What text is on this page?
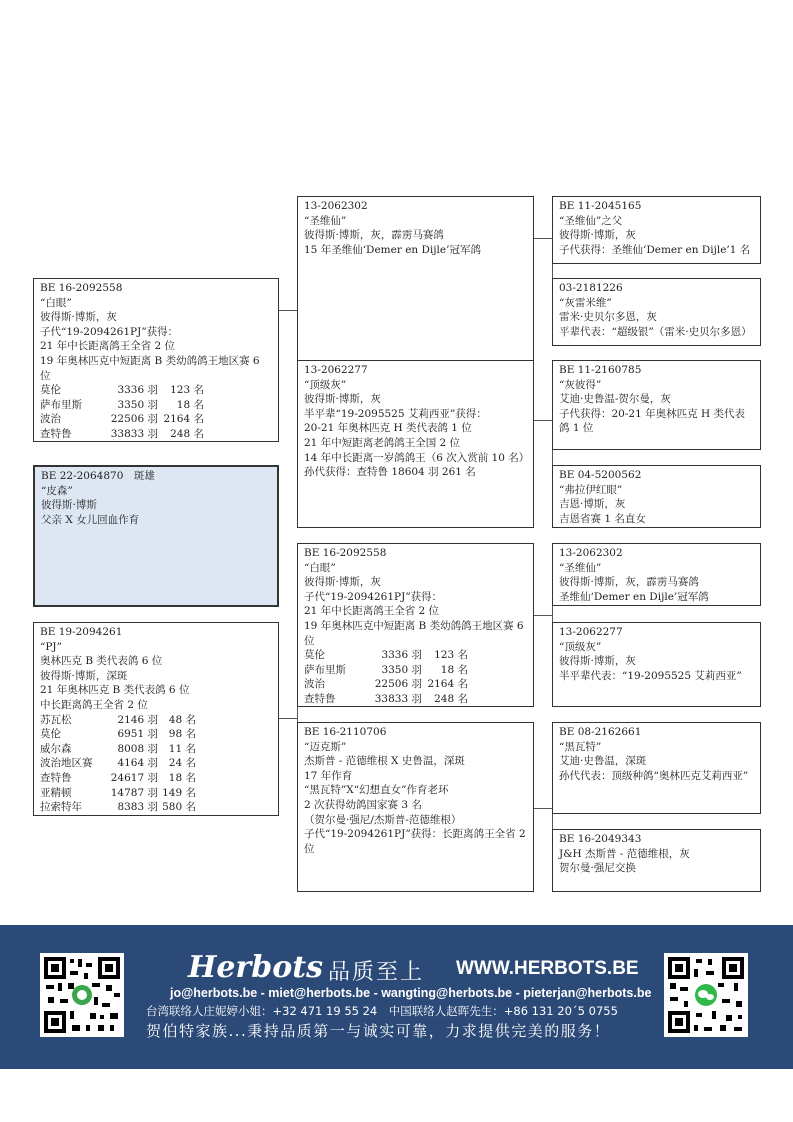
BE 16-2092558
“白眼”
彼得斯·博斯，灰
子代“19-2094261PJ”获得：
21 年中长距离鸽王全省 2 位
19 年奥林匹克中短距离 B 类幼鸽鸽王地区赛 6 位
莫伦	3336 羽	123 名
萨布里斯	3350 羽	18 名
波治	22506 羽 2164 名
查特鲁	33833 羽	248 名
BE 22-2064870　斑雄
“皮森”
彼得斯·博斯
父亲 X 女儿回血作育
BE 19-2094261
“PJ”
奥林匹克 B 类代表鸽 6 位
彼得斯·博斯，深斑
21 年奥林匹克 B 类代表鸽 6 位
中长距离鸽王全省 2 位
苏瓦松	2146 羽	48 名
莫伦	6951 羽	98 名
威尔森	8008 羽	11 名
波治地区赛	4164 羽	24 名
查特鲁	24617 羽	18 名
亚精顿	14787 羽 149 名
拉索特年	8383 羽 580 名
13-2062302
“圣维仙”
彼得斯·博斯，灰，霹雳马赛鸽
15 年圣维仙‘Demer en Dijle’冠军鸽
13-2062277
“顶级灰”
彼得斯·博斯，灰
半平辈“19-2095525 艾莉西亚”获得：
20-21 年奥林匹克 H 类代表鸽 1 位
21 年中短距离老鸽鸽王全国 2 位
14 年中长距离一岁鸽鸽王（6 次入赏前 10 名）
孙代获得：查特鲁 18604 羽 261 名
BE 16-2092558
“白眼”
彼得斯·博斯，灰
子代“19-2094261PJ”获得：
21 年中长距离鸽王全省 2 位
19 年奥林匹克中短距离 B 类幼鸽鸽王地区赛 6 位
莫伦	3336 羽	123 名
萨布里斯	3350 羽	18 名
波治	22506 羽 2164 名
查特鲁	33833 羽	248 名
BE 16-2110706
“迈克斯”
杰斯普 - 范德维根 X 史鲁温，深斑
17 年作育
“黑瓦特”X“幻想直女”作育老环
2 次获得幼鸽国家赛 3 名
（贺尔曼·强尼/杰斯普-范德维根）
子代“19-2094261PJ”获得：长距离鸽王全省 2 位
BE 11-2045165
“圣维仙”之父
彼得斯·博斯，灰
子代获得：圣维仙‘Demer en Dijle’1 名
03-2181226
“灰雷米维”
雷米·史贝尔多恩，灰
平辈代表：“超级银”（雷米·史贝尔多恩）
BE 11-2160785
“灰彼得”
艾迪·史鲁温-贺尔曼，灰
子代获得：20-21 年奥林匹克 H 类代表鸽 1 位
BE 04-5200562
“弗拉伊红眼”
吉恩·博斯，灰
吉恩省赛 1 名直女
13-2062302
“圣维仙”
彼得斯·博斯，灰，霹雳马赛鸽
圣维仙‘Demer en Dijle’冠军鸽
13-2062277
“顶级灰”
彼得斯·博斯，灰
半平辈代表：“19-2095525 艾莉西亚”
BE 08-2162661
“黑瓦特”
艾迪·史鲁温，深斑
孙代代表：顶级种鸽“奥林匹克艾莉西亚”
BE 16-2049343
J&H 杰斯普 - 范德维根，灰
贺尔曼·强尼交换
Herbots 品质至上 WWW.HERBOTS.BE
jo@herbots.be - miet@herbots.be - wangting@herbots.be - pieterjan@herbots.be
台湾联络人庄妮婷小姐：+32 471 19 55 24　中国联络人赵晖先生：+86 131 20´5 0755
贺伯特家族...秉持品质第一与诚实可靠，力求提供完美的服务！
